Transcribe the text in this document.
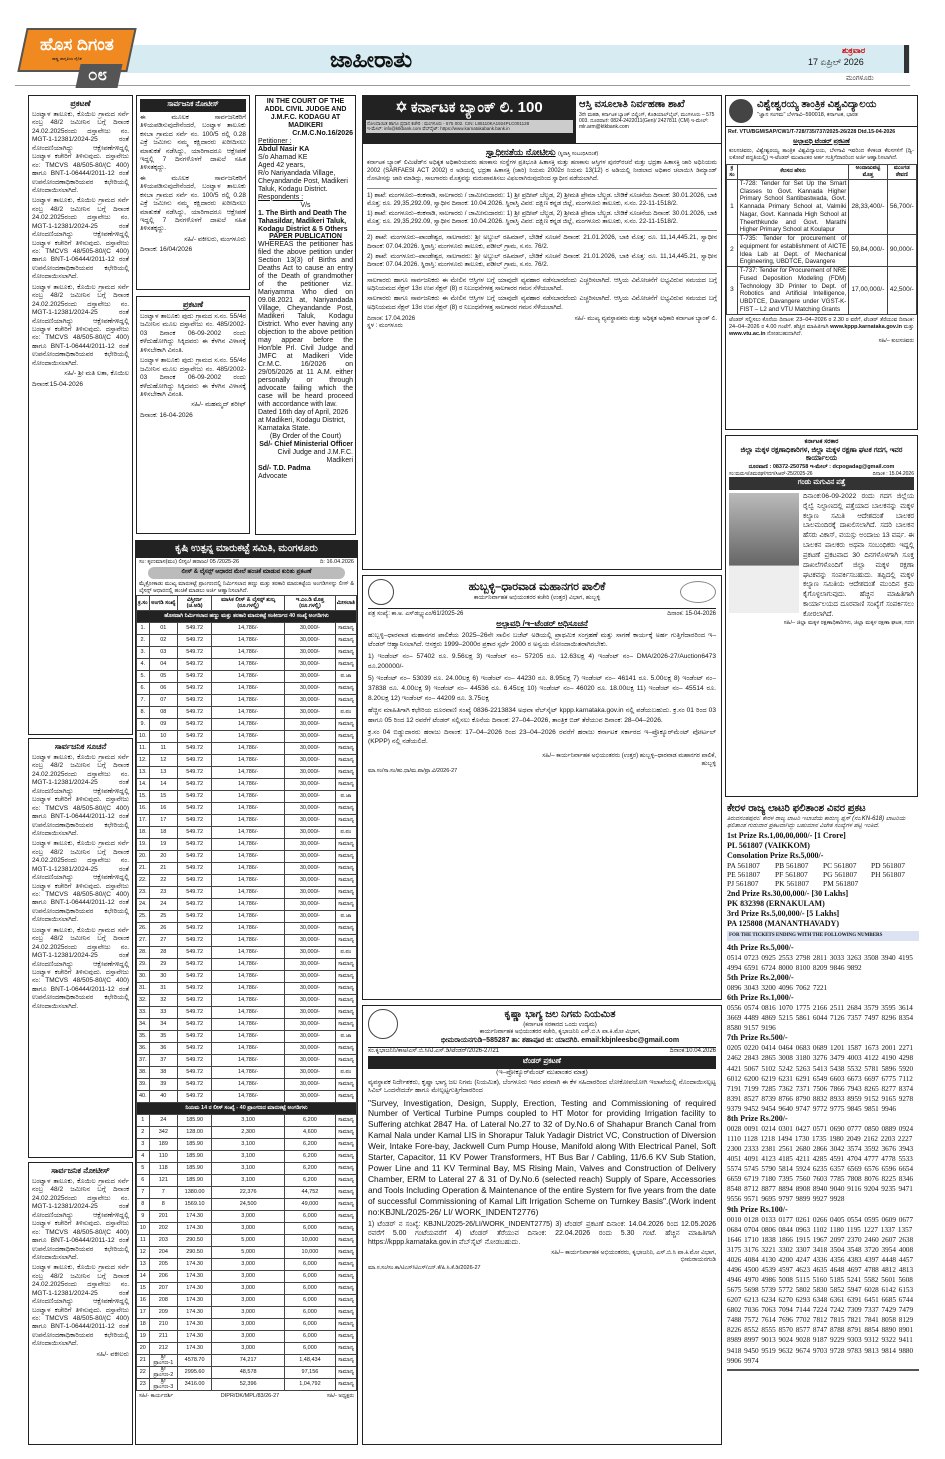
ಹೊಸ ದಿಗಂತ
ರಾಷ್ಟ್ರ ಜಾಗೃತಿಯ ದೈನಿಕ
೦೮
ಜಾಹೀರಾತು	ಶುಕ್ರವಾರ
17 ಏಪ್ರಿಲ್ 2026
ಮಂಗಳೂರು
ಪ್ರಕಟಣೆ
ಬಂಟ್ವಾಳ ತಾಲೂಕು, ಕೊಯಿಲ ಗ್ರಾಮದ ಸರ್ವೆ ನಂಬ್ರ 48/2 ಜಮೀನಿನ ಬಗ್ಗೆ ದಿನಾಂಕ 24.02.2025ರಂದು ದಸ್ತಾವೇಜು ನಂ. MGT-1-12381/2024-25 ರಂತೆ ನೋಂದಣಿಯಾಗಿದ್ದು ಆಕ್ಷೇಪಣೆಗಳಿದ್ದಲ್ಲಿ ಬಂಟ್ವಾಳ ಕಚೇರಿಗೆ ತಿಳಿಸುವುದು. ದಸ್ತಾವೇಜು ನಂ: TMCVS 48/505-80/(C 400) ಹಾಗೂ BNT-1-06444/2011-12 ರಂತೆ ಉಪನೋಂದಣಾಧಿಕಾರಿಯವರ ಕಛೇರಿಯಲ್ಲಿ ನೋಂದಾಯಿಸಲಾಗಿದೆ.
ಬಂಟ್ವಾಳ ತಾಲೂಕು, ಕೊಯಿಲ ಗ್ರಾಮದ ಸರ್ವೆ ನಂಬ್ರ 48/2 ಜಮೀನಿನ ಬಗ್ಗೆ ದಿನಾಂಕ 24.02.2025ರಂದು ದಸ್ತಾವೇಜು ನಂ. MGT-1-12381/2024-25 ರಂತೆ ನೋಂದಣಿಯಾಗಿದ್ದು ಆಕ್ಷೇಪಣೆಗಳಿದ್ದಲ್ಲಿ ಬಂಟ್ವಾಳ ಕಚೇರಿಗೆ ತಿಳಿಸುವುದು. ದಸ್ತಾವೇಜು ನಂ: TMCVS 48/505-80/(C 400) ಹಾಗೂ BNT-1-06444/2011-12 ರಂತೆ ಉಪನೋಂದಣಾಧಿಕಾರಿಯವರ ಕಛೇರಿಯಲ್ಲಿ ನೋಂದಾಯಿಸಲಾಗಿದೆ.
ಬಂಟ್ವಾಳ ತಾಲೂಕು, ಕೊಯಿಲ ಗ್ರಾಮದ ಸರ್ವೆ ನಂಬ್ರ 48/2 ಜಮೀನಿನ ಬಗ್ಗೆ ದಿನಾಂಕ 24.02.2025ರಂದು ದಸ್ತಾವೇಜು ನಂ. MGT-1-12381/2024-25 ರಂತೆ ನೋಂದಣಿಯಾಗಿದ್ದು ಆಕ್ಷೇಪಣೆಗಳಿದ್ದಲ್ಲಿ ಬಂಟ್ವಾಳ ಕಚೇರಿಗೆ ತಿಳಿಸುವುದು. ದಸ್ತಾವೇಜು ನಂ: TMCVS 48/505-80/(C 400) ಹಾಗೂ BNT-1-06444/2011-12 ರಂತೆ ಉಪನೋಂದಣಾಧಿಕಾರಿಯವರ ಕಛೇರಿಯಲ್ಲಿ ನೋಂದಾಯಿಸಲಾಗಿದೆ.
ಸಹಿ/- ಶ್ರೀ ಮತಿ ಲತಾ, ಕೊಯಿಲ
ದಿನಾಂಕ:15-04-2026
ಸಾರ್ವಜನಿಕ ಸೂಚನೆ
ಬಂಟ್ವಾಳ ತಾಲೂಕು, ಕೊಯಿಲ ಗ್ರಾಮದ ಸರ್ವೆ ನಂಬ್ರ 48/2 ಜಮೀನಿನ ಬಗ್ಗೆ ದಿನಾಂಕ 24.02.2025ರಂದು ದಸ್ತಾವೇಜು ನಂ. MGT-1-12381/2024-25 ರಂತೆ ನೋಂದಣಿಯಾಗಿದ್ದು ಆಕ್ಷೇಪಣೆಗಳಿದ್ದಲ್ಲಿ ಬಂಟ್ವಾಳ ಕಚೇರಿಗೆ ತಿಳಿಸುವುದು. ದಸ್ತಾವೇಜು ನಂ: TMCVS 48/505-80/(C 400) ಹಾಗೂ BNT-1-06444/2011-12 ರಂತೆ ಉಪನೋಂದಣಾಧಿಕಾರಿಯವರ ಕಛೇರಿಯಲ್ಲಿ ನೋಂದಾಯಿಸಲಾಗಿದೆ.
ಬಂಟ್ವಾಳ ತಾಲೂಕು, ಕೊಯಿಲ ಗ್ರಾಮದ ಸರ್ವೆ ನಂಬ್ರ 48/2 ಜಮೀನಿನ ಬಗ್ಗೆ ದಿನಾಂಕ 24.02.2025ರಂದು ದಸ್ತಾವೇಜು ನಂ. MGT-1-12381/2024-25 ರಂತೆ ನೋಂದಣಿಯಾಗಿದ್ದು ಆಕ್ಷೇಪಣೆಗಳಿದ್ದಲ್ಲಿ ಬಂಟ್ವಾಳ ಕಚೇರಿಗೆ ತಿಳಿಸುವುದು. ದಸ್ತಾವೇಜು ನಂ: TMCVS 48/505-80/(C 400) ಹಾಗೂ BNT-1-06444/2011-12 ರಂತೆ ಉಪನೋಂದಣಾಧಿಕಾರಿಯವರ ಕಛೇರಿಯಲ್ಲಿ ನೋಂದಾಯಿಸಲಾಗಿದೆ.
ಬಂಟ್ವಾಳ ತಾಲೂಕು, ಕೊಯಿಲ ಗ್ರಾಮದ ಸರ್ವೆ ನಂಬ್ರ 48/2 ಜಮೀನಿನ ಬಗ್ಗೆ ದಿನಾಂಕ 24.02.2025ರಂದು ದಸ್ತಾವೇಜು ನಂ. MGT-1-12381/2024-25 ರಂತೆ ನೋಂದಣಿಯಾಗಿದ್ದು ಆಕ್ಷೇಪಣೆಗಳಿದ್ದಲ್ಲಿ ಬಂಟ್ವಾಳ ಕಚೇರಿಗೆ ತಿಳಿಸುವುದು. ದಸ್ತಾವೇಜು ನಂ: TMCVS 48/505-80/(C 400) ಹಾಗೂ BNT-1-06444/2011-12 ರಂತೆ ಉಪನೋಂದಣಾಧಿಕಾರಿಯವರ ಕಛೇರಿಯಲ್ಲಿ ನೋಂದಾಯಿಸಲಾಗಿದೆ.
ಸಾರ್ವಜನಿಕ ನೋಟೀಸ್
ಬಂಟ್ವಾಳ ತಾಲೂಕು, ಕೊಯಿಲ ಗ್ರಾಮದ ಸರ್ವೆ ನಂಬ್ರ 48/2 ಜಮೀನಿನ ಬಗ್ಗೆ ದಿನಾಂಕ 24.02.2025ರಂದು ದಸ್ತಾವೇಜು ನಂ. MGT-1-12381/2024-25 ರಂತೆ ನೋಂದಣಿಯಾಗಿದ್ದು ಆಕ್ಷೇಪಣೆಗಳಿದ್ದಲ್ಲಿ ಬಂಟ್ವಾಳ ಕಚೇರಿಗೆ ತಿಳಿಸುವುದು. ದಸ್ತಾವೇಜು ನಂ: TMCVS 48/505-80/(C 400) ಹಾಗೂ BNT-1-06444/2011-12 ರಂತೆ ಉಪನೋಂದಣಾಧಿಕಾರಿಯವರ ಕಛೇರಿಯಲ್ಲಿ ನೋಂದಾಯಿಸಲಾಗಿದೆ.
ಬಂಟ್ವಾಳ ತಾಲೂಕು, ಕೊಯಿಲ ಗ್ರಾಮದ ಸರ್ವೆ ನಂಬ್ರ 48/2 ಜಮೀನಿನ ಬಗ್ಗೆ ದಿನಾಂಕ 24.02.2025ರಂದು ದಸ್ತಾವೇಜು ನಂ. MGT-1-12381/2024-25 ರಂತೆ ನೋಂದಣಿಯಾಗಿದ್ದು ಆಕ್ಷೇಪಣೆಗಳಿದ್ದಲ್ಲಿ ಬಂಟ್ವಾಳ ಕಚೇರಿಗೆ ತಿಳಿಸುವುದು. ದಸ್ತಾವೇಜು ನಂ: TMCVS 48/505-80/(C 400) ಹಾಗೂ BNT-1-06444/2011-12 ರಂತೆ ಉಪನೋಂದಣಾಧಿಕಾರಿಯವರ ಕಛೇರಿಯಲ್ಲಿ ನೋಂದಾಯಿಸಲಾಗಿದೆ.
ಸಹಿ/- ವಕೀಲರು
ಸಾರ್ವಜನಿಕ ನೋಟೀಸ್
ಈ ಮೂಲಕ ಸಾರ್ವಜನಿಕರಿಗೆ ತಿಳಿಯಪಡಿಸುವುದೇನೆಂದರೆ, ಬಂಟ್ವಾಳ ತಾಲೂಕು ಕಸಬಾ ಗ್ರಾಮದ ಸರ್ವೆ ನಂ. 100/5 ರಲ್ಲಿ 0.28 ಎಕ್ರೆ ಜಮೀನು ನಮ್ಮ ಕಕ್ಷಿದಾರರು ಖರೀದಿಸಲು ಮಾತುಕತೆ ನಡೆಸಿದ್ದು, ಯಾರಿಗಾದರೂ ಆಕ್ಷೇಪಣೆ ಇದ್ದಲ್ಲಿ 7 ದಿನಗಳೊಳಗೆ ದಾಖಲೆ ಸಹಿತ ತಿಳಿಸತಕ್ಕದ್ದು.
ಈ ಮೂಲಕ ಸಾರ್ವಜನಿಕರಿಗೆ ತಿಳಿಯಪಡಿಸುವುದೇನೆಂದರೆ, ಬಂಟ್ವಾಳ ತಾಲೂಕು ಕಸಬಾ ಗ್ರಾಮದ ಸರ್ವೆ ನಂ. 100/5 ರಲ್ಲಿ 0.28 ಎಕ್ರೆ ಜಮೀನು ನಮ್ಮ ಕಕ್ಷಿದಾರರು ಖರೀದಿಸಲು ಮಾತುಕತೆ ನಡೆಸಿದ್ದು, ಯಾರಿಗಾದರೂ ಆಕ್ಷೇಪಣೆ ಇದ್ದಲ್ಲಿ 7 ದಿನಗಳೊಳಗೆ ದಾಖಲೆ ಸಹಿತ ತಿಳಿಸತಕ್ಕದ್ದು.
ಸಹಿ/- ವಕೀಲರು, ಮಂಗಳೂರು
ದಿನಾಂಕ: 16/04/2026
ಪ್ರಕಟಣೆ
ಬಂಟ್ವಾಳ ತಾಲೂಕು ಪುದು ಗ್ರಾಮದ ಸ.ನಂ. 55/4ರ ಜಮೀನಿನ ಮೂಲ ದಸ್ತಾವೇಜು ನಂ. 485/2002-03 ದಿನಾಂಕ 06-09-2002 ರಂದು ಕಳೆದುಹೋಗಿದ್ದು ಸಿಕ್ಕಿದವರು ಈ ಕೆಳಗಿನ ವಿಳಾಸಕ್ಕೆ ತಿಳಿಸಬೇಕಾಗಿ ವಿನಂತಿ.
ಬಂಟ್ವಾಳ ತಾಲೂಕು ಪುದು ಗ್ರಾಮದ ಸ.ನಂ. 55/4ರ ಜಮೀನಿನ ಮೂಲ ದಸ್ತಾವೇಜು ನಂ. 485/2002-03 ದಿನಾಂಕ 06-09-2002 ರಂದು ಕಳೆದುಹೋಗಿದ್ದು ಸಿಕ್ಕಿದವರು ಈ ಕೆಳಗಿನ ವಿಳಾಸಕ್ಕೆ ತಿಳಿಸಬೇಕಾಗಿ ವಿನಂತಿ.
ಸಹಿ/- ಮಹಮ್ಮದ್ ಶರೀಫ್
ದಿನಾಂಕ: 16-04-2026
IN THE COURT OF THE ADDL CIVIL JUDGE AND J.M.F.C. KODAGU AT MADIKERI
Cr.M.C.No.16/2026
Petitioner :
Abdul Nasir KA
S/o Ahamad KE
Aged 42 years,
R/o Nariyandada Village, Cheyandande Post, Madikeri Taluk, Kodagu District.
Respondents :
V/s
1. The Birth and Death The Tahasildar, Madikeri Taluk, Kodagu District & 5 Others
PAPER PUBLICATION
WHEREAS the petitioner has filed the above petition under Section 13(3) of Births and Deaths Act to cause an entry of the Death of grandmother of the petitioner viz. Mariyamma Who died on 09.08.2021 at, Nariyandada Village, Cheyandande Post, Madikeri Taluk, Kodagu District. Who ever having any objection to the above petition may appear before the Hon'ble Prl. Civil Judge and JMFC at Madikeri Vide Cr.M.C. 16/2026 on 29/05/2026 at 11 A.M. either personally or through advocate failing which the case will be heard proceed with accordance with law.
Dated 16th day of April, 2026 at Madikeri, Kodagu District, Karnataka State.
(By Order of the Court)
Sd/- Chief Ministerial Officer
Civil Judge and J.M.F.C. Madikeri
Sd/- T.D. Padma
Advocate
ಕೃಷಿ ಉತ್ಪನ್ನ ಮಾರುಕಟ್ಟೆ ಸಮಿತಿ, ಮಂಗಳೂರು
ಸಂ: ಕೃಉಮಾಸ(ಮಂ) ಲೀಸ್ಸಂ/ ಹರಾಜು/ 05 /2025-26	ದಿ: 16.04.2026
ಲೀಸ್ & ಲೈಸನ್ಸ್ ಆಧಾರದ ಮೇಲೆ ಹಂಚಿಕೆ ಮಾಡುವ ಕುರಿತು ಪ್ರಕಟಣೆ
ಮೈಕ್ರೋಕಾಡು ಮುಖ್ಯ ಮಾರುಕಟ್ಟೆ ಪ್ರಾಂಗಣದಲ್ಲಿ ನಿರ್ಮಿಸಲಾದ ಹಣ್ಣು ಮತ್ತು ತರಕಾರಿ ಮಾರುಕಟ್ಟೆಯ ಅಂಗಡಿಗಳನ್ನು ಲೀಸ್ & ಲೈಸನ್ಸ್ ಆಧಾರದಲ್ಲಿ ಹಂಚಿಕೆ ಮಾಡಲು ಅರ್ಜಿ ಆಹ್ವಾನಿಸಲಾಗಿದೆ.
ಕ್ರ.ಸಂ	ಅಂಗಡಿ ಸಂಖ್ಯೆ	ವಿಸ್ತೀರ್ಣ (ಚ.ಅಡಿ)	ಮಾಸಿಕ ಲೀಸ್ & ಲೈಸನ್ಸ್ ಶುಲ್ಕ (ರೂ.ಗಳಲ್ಲಿ)	ಇ.ಎಂ.ಡಿ ಮೊತ್ತ (ರೂ.ಗಳಲ್ಲಿ)	ಮೀಸಲಾತಿ
ಹೊಸದಾಗಿ ನಿರ್ಮಿಸಲಾದ ಹಣ್ಣು ಮತ್ತು ತರಕಾರಿ ಮಾರುಕಟ್ಟೆ ಸಂಕೀರ್ಣದ 40 ಸಂಖ್ಯೆ ಅಂಗಡಿಗಳು					
1.	01	549.72	14,786/-	30,000/-	ಸಾಮಾನ್ಯ
2.	02	549.72	14,786/-	30,000/-	ಸಾಮಾನ್ಯ
3.	03	549.72	14,786/-	30,000/-	ಸಾಮಾನ್ಯ
4.	04	549.72	14,786/-	30,000/-	ಸಾಮಾನ್ಯ
5.	05	549.72	14,786/-	30,000/-	ಪ.ಜಾ
6.	06	549.72	14,786/-	30,000/-	ಸಾಮಾನ್ಯ
7.	07	549.72	14,786/-	30,000/-	ಸಾಮಾನ್ಯ
8.	08	549.72	14,786/-	30,000/-	ಪ.ಪಂ
9.	09	549.72	14,786/-	30,000/-	ಸಾಮಾನ್ಯ
10.	10	549.72	14,786/-	30,000/-	ಸಾಮಾನ್ಯ
11.	11	549.72	14,786/-	30,000/-	ಸಾಮಾನ್ಯ
12.	12	549.72	14,786/-	30,000/-	ಸಾಮಾನ್ಯ
13.	13	549.72	14,786/-	30,000/-	ಸಾಮಾನ್ಯ
14.	14	549.72	14,786/-	30,000/-	ಸಾಮಾನ್ಯ
15.	15	549.72	14,786/-	30,000/-	ಪ.ಜಾ
16.	16	549.72	14,786/-	30,000/-	ಸಾಮಾನ್ಯ
17.	17	549.72	14,786/-	30,000/-	ಸಾಮಾನ್ಯ
18.	18	549.72	14,786/-	30,000/-	ಪ.ಪಂ
19.	19	549.72	14,786/-	30,000/-	ಸಾಮಾನ್ಯ
20.	20	549.72	14,786/-	30,000/-	ಸಾಮಾನ್ಯ
21.	21	549.72	14,786/-	30,000/-	ಸಾಮಾನ್ಯ
22.	22	549.72	14,786/-	30,000/-	ಸಾಮಾನ್ಯ
23.	23	549.72	14,786/-	30,000/-	ಸಾಮಾನ್ಯ
24.	24	549.72	14,786/-	30,000/-	ಸಾಮಾನ್ಯ
25.	25	549.72	14,786/-	30,000/-	ಪ.ಜಾ
26.	26	549.72	14,786/-	30,000/-	ಸಾಮಾನ್ಯ
27.	27	549.72	14,786/-	30,000/-	ಸಾಮಾನ್ಯ
28.	28	549.72	14,786/-	30,000/-	ಪ.ಪಂ
29.	29	549.72	14,786/-	30,000/-	ಸಾಮಾನ್ಯ
30.	30	549.72	14,786/-	30,000/-	ಸಾಮಾನ್ಯ
31.	31	549.72	14,786/-	30,000/-	ಸಾಮಾನ್ಯ
32.	32	549.72	14,786/-	30,000/-	ಸಾಮಾನ್ಯ
33.	33	549.72	14,786/-	30,000/-	ಸಾಮಾನ್ಯ
34.	34	549.72	14,786/-	30,000/-	ಸಾಮಾನ್ಯ
35.	35	549.72	14,786/-	30,000/-	ಪ.ಜಾ
36.	36	549.72	14,786/-	30,000/-	ಸಾಮಾನ್ಯ
37.	37	549.72	14,786/-	30,000/-	ಸಾಮಾನ್ಯ
38.	38	549.72	14,786/-	30,000/-	ಪ.ಪಂ
39.	39	549.72	14,786/-	30,000/-	ಸಾಮಾನ್ಯ
40.	40	549.72	14,786/-	30,000/-	ಸಾಮಾನ್ಯ
ನಿಯಮ 14 ರ ಲೀಸ್ ಸಂಖ್ಯೆ - 40 ಪ್ರಾಂಗಣದ ಮಾರುಕಟ್ಟೆ ಅಂಗಡಿಗಳು					
1	24	185.90	3,100	6,200	ಸಾಮಾನ್ಯ
2	342	128.00	2,300	4,600	ಸಾಮಾನ್ಯ
3	189	185.90	3,100	6,200	ಸಾಮಾನ್ಯ
4	110	185.90	3,100	6,200	ಸಾಮಾನ್ಯ
5	118	185.90	3,100	6,200	ಸಾಮಾನ್ಯ
6	121	185.90	3,100	6,200	ಸಾಮಾನ್ಯ
7	7	1380.00	22,376	44,752	ಸಾಮಾನ್ಯ
8	8	1569.10	24,500	49,000	ಸಾಮಾನ್ಯ
9	201	174.30	3,000	6,000	ಸಾಮಾನ್ಯ
10	202	174.30	3,000	6,000	ಸಾಮಾನ್ಯ
11	203	290.50	5,000	10,000	ಸಾಮಾನ್ಯ
12	204	290.50	5,000	10,000	ಸಾಮಾನ್ಯ
13	205	174.30	3,000	6,000	ಸಾಮಾನ್ಯ
14	206	174.30	3,000	6,000	ಸಾಮಾನ್ಯ
15	207	174.30	3,000	6,000	ಸಾಮಾನ್ಯ
16	208	174.30	3,000	6,000	ಸಾಮಾನ್ಯ
17	209	174.30	3,000	6,000	ಸಾಮಾನ್ಯ
18	210	174.30	3,000	6,000	ಸಾಮಾನ್ಯ
19	211	174.30	3,000	6,000	ಸಾಮಾನ್ಯ
20	212	174.30	3,000	6,000	ಸಾಮಾನ್ಯ
21	ಶ್ರೀ ಪ್ರಾಂಗಣ-1	4578.70	74,217	1,48,434	ಸಾಮಾನ್ಯ
22	ಶ್ರೀ ಪ್ರಾಂಗಣ-2	2995.60	48,578	97,156	ಸಾಮಾನ್ಯ
23	ಶ್ರೀ ಪ್ರಾಂಗಣ-3	3416.00	52,396	1,04,792	ಸಾಮಾನ್ಯ
ಸಹಿ/- ಕಾರ್ಯದರ್ಶಿ	DIPR/DK/MPL/83/26-27	ಸಹಿ/- ಅಧ್ಯಕ್ಷರು
✡ ಕರ್ನಾಟಕ ಬ್ಯಾಂಕ್ ಲಿ. 100
ನೋಂದಾಯಿತ ಹಾಗೂ ಪ್ರಧಾನ ಕಚೇರಿ : ಮಂಗಳೂರು - 575 002. CIN: L85110KA1924PLC001128
ಇ-ಮೇಲ್: info@ktkbank.com ವೆಬ್‌ಸೈಟ್: https://www.karnatakabank.bank.in
ಆಸ್ತಿ ವಸೂಲಾತಿ ನಿರ್ವಹಣಾ ಶಾಖೆ
3ನೇ ಮಹಡಿ, ಕರ್ನಾಟಕ ಬ್ಯಾಂಕ್ ಬಿಲ್ಡಿಂಗ್, ಕೊಡಿಯಾಲ್‌ಬೈಲ್, ಮಂಗಳೂರು – 575 003. ದೂರವಾಣಿ: 0824-2422011(Gen)/ 2427811 (CM) ಇ-ಮೇಲ್: mlr.arm@ktkbank.com
ಸ್ವಾಧೀನತೆಯ ನೋಟೀಸು (ಸ್ಥಿರಾಸ್ತಿ ಸಂಬಂಧಿಸಿದಂತೆ)
ಕರ್ನಾಟಕ ಬ್ಯಾಂಕ್ ಲಿಮಿಟೆಡ್‌ನ ಅಧಿಕೃತ ಅಧಿಕಾರಿಯವರು ಹಣಕಾಸು ಸಂಸ್ಥೆಗಳ ಪ್ರತಿಭೂತಿ ಹಿತಾಸಕ್ತಿ ಮತ್ತು ಹಣಕಾಸು ಆಸ್ತಿಗಳ ಪುನರ್‌ರಚನೆ ಮತ್ತು ಭದ್ರತಾ ಹಿತಾಸಕ್ತಿ ಜಾರಿ ಅಧಿನಿಯಮ 2002 (SARFAESI ACT 2002) ರ ಅಡಿಯಲ್ಲಿ ಭದ್ರತಾ ಹಿತಾಸಕ್ತಿ (ಜಾರಿ) ನಿಯಮ 2002ರ ನಿಯಮ 13(12) ರ ಅಡಿಯಲ್ಲಿ ನೀಡಲಾದ ಅಧಿಕಾರ ಚಲಾಯಿಸಿ ಡಿಮ್ಯಾಂಡ್ ನೋಟೀಸನ್ನು ಜಾರಿ ಮಾಡಿದ್ದು, ಸಾಲಗಾರರು ಮೊತ್ತವನ್ನು ಮರುಪಾವತಿಸಲು ವಿಫಲರಾಗಿರುವುದರಿಂದ ಸ್ವಾಧೀನ ಪಡೆಯಲಾಗಿದೆ.
1) ಶಾಖೆ: ಮಂಗಳೂರು–ಕಂಕನಾಡಿ, ಸಾಲಗಾರರು / ಜಾಮೀನುದಾರರು: 1) ಶ್ರೀ ಪ್ರದೀಪ್ ಬೆಲ್ಚಡ, 2) ಶ್ರೀಮತಿ ಪ್ರೇಮಾ ಬೆಲ್ಚಡ. ಬೇಡಿಕೆ ಸೂಚನೆಯ ದಿನಾಂಕ: 30.01.2026, ಬಾಕಿ ಮೊತ್ತ: ರೂ. 29,35,292.09, ಸ್ವಾಧೀನ ದಿನಾಂಕ: 10.04.2026. ಸ್ಥಿರಾಸ್ತಿ ವಿವರ: ದಕ್ಷಿಣ ಕನ್ನಡ ಜಿಲ್ಲೆ, ಮಂಗಳೂರು ತಾಲೂಕು, ಸ.ನಂ. 22-11-1518/2.
1) ಶಾಖೆ: ಮಂಗಳೂರು–ಕಂಕನಾಡಿ, ಸಾಲಗಾರರು / ಜಾಮೀನುದಾರರು: 1) ಶ್ರೀ ಪ್ರದೀಪ್ ಬೆಲ್ಚಡ, 2) ಶ್ರೀಮತಿ ಪ್ರೇಮಾ ಬೆಲ್ಚಡ. ಬೇಡಿಕೆ ಸೂಚನೆಯ ದಿನಾಂಕ: 30.01.2026, ಬಾಕಿ ಮೊತ್ತ: ರೂ. 29,35,292.09, ಸ್ವಾಧೀನ ದಿನಾಂಕ: 10.04.2026. ಸ್ಥಿರಾಸ್ತಿ ವಿವರ: ದಕ್ಷಿಣ ಕನ್ನಡ ಜಿಲ್ಲೆ, ಮಂಗಳೂರು ತಾಲೂಕು, ಸ.ನಂ. 22-11-1518/2.
2) ಶಾಖೆ: ಮಂಗಳೂರು–ಪಾಂಡೇಶ್ವರ, ಸಾಲಗಾರರು: ಶ್ರೀ ಅಬ್ದುಲ್ ರಹಿಮಾನ್, ಬೇಡಿಕೆ ಸೂಚನೆ ದಿನಾಂಕ: 21.01.2026, ಬಾಕಿ ಮೊತ್ತ: ರೂ. 11,14,445.21, ಸ್ವಾಧೀನ ದಿನಾಂಕ: 07.04.2026. ಸ್ಥಿರಾಸ್ತಿ: ಮಂಗಳೂರು ತಾಲೂಕು, ಪಡೀಲ್ ಗ್ರಾಮ, ಸ.ನಂ. 76/2.
2) ಶಾಖೆ: ಮಂಗಳೂರು–ಪಾಂಡೇಶ್ವರ, ಸಾಲಗಾರರು: ಶ್ರೀ ಅಬ್ದುಲ್ ರಹಿಮಾನ್, ಬೇಡಿಕೆ ಸೂಚನೆ ದಿನಾಂಕ: 21.01.2026, ಬಾಕಿ ಮೊತ್ತ: ರೂ. 11,14,445.21, ಸ್ವಾಧೀನ ದಿನಾಂಕ: 07.04.2026. ಸ್ಥಿರಾಸ್ತಿ: ಮಂಗಳೂರು ತಾಲೂಕು, ಪಡೀಲ್ ಗ್ರಾಮ, ಸ.ನಂ. 76/2.
ಸಾಲಗಾರರು ಹಾಗೂ ಸಾರ್ವಜನಿಕರು ಈ ಮೇಲಿನ ಆಸ್ತಿಗಳ ಬಗ್ಗೆ ಯಾವುದೇ ವ್ಯವಹಾರ ನಡೆಸಬಾರದೆಂದು ಎಚ್ಚರಿಸಲಾಗಿದೆ. ಆಸ್ತಿಯ ವಿಮೋಚನೆಗೆ ಲಭ್ಯವಿರುವ ಸಮಯದ ಬಗ್ಗೆ ಅಧಿನಿಯಮದ ಸೆಕ್ಷನ್ 13ರ ಉಪ ಸೆಕ್ಷನ್ (8) ರ ನಿಬಂಧನೆಗಳತ್ತ ಸಾಲಗಾರರ ಗಮನ ಸೆಳೆಯಲಾಗಿದೆ.
ಸಾಲಗಾರರು ಹಾಗೂ ಸಾರ್ವಜನಿಕರು ಈ ಮೇಲಿನ ಆಸ್ತಿಗಳ ಬಗ್ಗೆ ಯಾವುದೇ ವ್ಯವಹಾರ ನಡೆಸಬಾರದೆಂದು ಎಚ್ಚರಿಸಲಾಗಿದೆ. ಆಸ್ತಿಯ ವಿಮೋಚನೆಗೆ ಲಭ್ಯವಿರುವ ಸಮಯದ ಬಗ್ಗೆ ಅಧಿನಿಯಮದ ಸೆಕ್ಷನ್ 13ರ ಉಪ ಸೆಕ್ಷನ್ (8) ರ ನಿಬಂಧನೆಗಳತ್ತ ಸಾಲಗಾರರ ಗಮನ ಸೆಳೆಯಲಾಗಿದೆ.
ದಿನಾಂಕ: 17.04.2026
ಸ್ಥಳ : ಮಂಗಳೂರು
ಸಹಿ/- ಮುಖ್ಯ ವ್ಯವಸ್ಥಾಪಕರು ಮತ್ತು ಅಧಿಕೃತ ಅಧಿಕಾರಿ ಕರ್ನಾಟಕ ಬ್ಯಾಂಕ್ ಲಿ.
ಹುಬ್ಬಳ್ಳಿ–ಧಾರವಾಡ ಮಹಾನಗರ ಪಾಲಿಕೆ
ಕಾರ್ಯನಿರ್ವಾಹಕ ಅಭಿಯಂತರರ ಕಚೇರಿ (ಉತ್ತರ) ವಿಭಾಗ, ಹುಬ್ಬಳ್ಳಿ
ಪತ್ರ ಸಂಖ್ಯೆ: ಕಾ.ಅ. ಎಸ್‌ಡಬ್ಲ್ಯುಎಂ/61/2025-26	ದಿನಾಂಕ: 15-04-2026
ಅಲ್ಪಾವಧಿ /ಇ–ಟೆಂಡರ್ ಅಧಿಸೂಚನೆ
ಹುಬ್ಬಳ್ಳಿ–ಧಾರವಾಡ ಮಹಾನಗರ ಪಾಲಿಕೆಯ 2025–26ನೇ ಸಾಲಿನ ಬಜೆಟ್ ಅಡಿಯಲ್ಲಿ ಪ್ರಾಥಮಿಕ ಸಂಗ್ರಹಣೆ ಮತ್ತು ಸಾಗಣೆ ಕಾರ್ಯಕ್ಕೆ ಅರ್ಹ ಗುತ್ತಿಗೆದಾರರಿಂದ ಇ–ಟೆಂಡರ್ ಆಹ್ವಾನಿಸಲಾಗಿದೆ. ಆಸಕ್ತರು 1999–2000ರ ಪ್ರಕಾರ ಸ್ಪರ್ಧೆ 2000 ರ ಅನ್ವಯ ನೋಂದಾಯಿತರಾಗಿರಬೇಕು.
1) ಇಂಡೆಂಟ್ ನಂ– 57402 ರೂ. 9.56ಲಕ್ಷ 3) ಇಂಡೆಂಟ್ ನಂ– 57205 ರೂ. 12.63ಲಕ್ಷ 4) ಇಂಡೆಂಟ್ ನಂ– DMA/2026-27/Auction6473 ರೂ.200000/-
5) ಇಂಡೆಂಟ್ ನಂ– 53039 ರೂ. 24.00ಲಕ್ಷ 6) ಇಂಡೆಂಟ್ ನಂ– 44230 ರೂ. 8.95ಲಕ್ಷ 7) ಇಂಡೆಂಟ್ ನಂ– 46141 ರೂ. 5.00ಲಕ್ಷ 8) ಇಂಡೆಂಟ್ ನಂ– 37838 ರೂ. 4.00ಲಕ್ಷ 9) ಇಂಡೆಂಟ್ ನಂ– 44536 ರೂ. 6.45ಲಕ್ಷ 10) ಇಂಡೆಂಟ್ ನಂ– 46020 ರೂ. 18.00ಲಕ್ಷ 11) ಇಂಡೆಂಟ್ ನಂ– 45514 ರೂ. 8.20ಲಕ್ಷ 12) ಇಂಡೆಂಟ್ ನಂ– 44209 ರೂ. 3.75ಲಕ್ಷ
ಹೆಚ್ಚಿನ ಮಾಹಿತಿಗಾಗಿ ಕಛೇರಿಯ ದೂರವಾಣಿ ಸಂಖ್ಯೆ 0836-2213834 ಅಥವಾ ವೆಬ್‌ಸೈಟ್ kppp.karnataka.gov.in ನಲ್ಲಿ ಪಡೆಯಬಹುದು. ಕ್ರ.ಸಂ 01 ರಿಂದ 03 ಹಾಗೂ 05 ರಿಂದ 12 ರವರೆಗೆ ಟೆಂಡರ್ ಸಲ್ಲಿಸಲು ಕೊನೆಯ ದಿನಾಂಕ: 27–04–2026, ತಾಂತ್ರಿಕ ಬಿಡ್ ತೆರೆಯುವ ದಿನಾಂಕ: 28–04–2026.
ಕ್ರ.ಸಂ 04 ಬಿಡ್ಡುದಾರರು ಹರಾಜು ದಿನಾಂಕ: 17–04–2026 ರಿಂದ 23–04–2026 ರವರೆಗೆ ಹರಾಜು ಕರ್ನಾಟಕ ಸರ್ಕಾರದ ಇ–ಪ್ರೊಕ್ಯೂರ್‌ಮೆಂಟ್ ಪೋರ್ಟಲ್ (KPPP) ನಲ್ಲಿ ನಡೆಯಲಿದೆ.
ಸಹಿ/– ಕಾರ್ಯನಿರ್ವಾಹಕ ಅಭಿಯಂತರರು (ಉತ್ತರ) ಹುಬ್ಬಳ್ಳಿ–ಧಾರವಾಡ ಮಹಾನಗರ ಪಾಲಿಕೆ, ಹುಬ್ಬಳ್ಳಿ
ಮಾ.ಸಂ/ಸಾ.ಸಂ/ಹು.ಧಾ/ಮ.ಪಾ/ಪ್ರಾ.ವಿ/2026-27
ಕೃಷ್ಣಾ ಭಾಗ್ಯ ಜಲ ನಿಗಮ ನಿಯಮಿತ
(ಕರ್ನಾಟಕ ಸರಕಾರದ ಒಂದು ಉದ್ಯಮ)
ಕಾರ್ಯನಿರ್ವಾಹಕ ಅಭಿಯಂತರರ ಕಚೇರಿ, ಕೃಭಾಜನಿನಿ ಎಸ್.ಬಿ.ಸಿ ಪಾ.ಕಿ.ಮೋ ವಿಭಾಗ,
ಭೀಮರಾಯನಗುಡಿ–585287 ತಾ: ಶಹಾಪೂರ ಜಿ: ಯಾದಗಿರಿ. email:kbjnleesbc@gmail.com
ಸಂ.ಕೃಭಾಜನಿನಿ/ಕಾಅ/ಎಸ್.ಬಿ.ಸಿ/ಟಿ.ಎಸ್.ಡಿ/ಟೆಂಡರ್/2026-27/21	ದಿನಾಂಕ:10.04.2026
ಟೆಂಡರ್ ಪ್ರಕಟಣೆ
(ಇ–ಪ್ರೋಕ್ಯೂರ್‌ಮೆಂಟ್ ಮುಖಾಂತರ ಮಾತ್ರ)
ವ್ಯವಸ್ಥಾಪಕ ನಿರ್ದೇಶಕರು, ಕೃಷ್ಣಾ ಭಾಗ್ಯ ಜಲ ನಿಗಮ (ನಿಯಮಿತ), ಬೆಂಗಳೂರು ಇವರ ಪರವಾಗಿ ಈ ಕೆಳ ಸಹಿದಾರರಿಂದ ಲೋಕೋಪಯೋಗಿ ಇಲಾಖೆಯಲ್ಲಿ ನೊಂದಾಯಿಸಲ್ಪಟ್ಟ ಸಿವಿಲ್ ಒಂದನೇದರ್ಜೆ ಹಾಗೂ ಮೇಲ್ಪಟ್ಟಗುತ್ತಿಗೆದಾರರಿಂದ
"Survey, Investigation, Design, Supply, Erection, Testing and Commissioning of required Number of Vertical Turbine Pumps coupled to HT Motor for providing Irrigation facility to Suffering atchkat 2847 Ha. of Lateral No.27 to 32 of Dy.No.6 of Shahapur Branch Canal from Kamal Nala under Kamal LIS in Shorapur Taluk Yadagir District VC, Construction of Diversion Weir, Intake Fore-bay, Jackwell Cum Pump House, Manifold along With Electrical Panel, Soft Starter, Capacitor, 11 KV Power Transformers, HT Bus Bar / Cabling, 11/6.6 KV Sub Station, Power Line and 11 KV Terminal Bay, MS Rising Main, Valves and Construction of Delivery Chamber, ERM to Lateral 27 & 31 of Dy.No.6 (selected reach) Supply of Spare, Accessories and Tools Including Operation & Maintenance of the entire System for five years from the date of successful Commissioning of Kamal Lift Irrigation Scheme on Turnkey Basis".(Work indent no:KBJNL/2025-26/ LI/ WORK_INDENT2776)
1) ಟೆಂಡರ್ ನ ಸಂಖ್ಯೆ: KBJNL/2025-26/LI/WORK_INDENT2775) 3) ಟೆಂಡರ್ ಪ್ರಕಟಣೆ ದಿನಾಂಕ: 14.04.2026 ರಿಂದ 12.05.2026 ರವರೆಗೆ 5.00 ಗಂಟೆಯವರೆಗೆ 4) ಟೆಂಡರ್ ತೆರೆಯುವ ದಿನಾಂಕ: 22.04.2026 ರಂದು 5.30 ಗಂಟೆ. ಹೆಚ್ಚಿನ ಮಾಹಿತಿಗಾಗಿ https://kppp.karnataka.gov.in ವೆಬ್‌ಸೈಟ್ ನೋಡಬಹುದು.
ಸಹಿ/– ಕಾರ್ಯನಿರ್ವಾಹಕ ಅಭಿಯಂತರರು, ಕೃಭಾಜನಿನಿ, ಎಸ್.ಬಿ.ಸಿ ಪಾ.ಕಿ.ಮೋ ವಿಭಾಗ, ಭೀಮರಾಯನಗುಡಿ
ಮಾ.ಸ.ಸಂ/ಸಂ.ಕಾ/ಟಿಎಸ್/ಟಿಎಸ್/ಎನ್.ಕೆ/ಪಿ.ಸಿ.ಕೆ.ಡಿ/2026-27
ವಿಶ್ವೇಶ್ವರಯ್ಯ ತಾಂತ್ರಿಕ ವಿಶ್ವವಿದ್ಯಾಲಯ
"ಜ್ಞಾನ ಸಂಗಮ" ಬೆಳಗಾವಿ–590018, ಕರ್ನಾಟಕ, ಭಾರತ
Ref. VTU/BGM/SAP/CW1/T-728/735/737/2025-26/228 Dtd.15-04-2026
ಅಲ್ಪಾವಧಿ ಟೆಂಡರ್ ಪ್ರಕಟಣೆ
ಕುಲಸಚಿವರು, ವಿಶ್ವೇಶ್ವರಯ್ಯ ತಾಂತ್ರಿಕ ವಿಶ್ವವಿದ್ಯಾಲಯ, ಬೆಳಗಾವಿ ಇವರಿಂದ ಕೆಳಕಂಡ ಕೆಲಸಗಳಿಗೆ (ದ್ವಿ-ಲಕೋಟೆ ಪದ್ಧತಿಯಲ್ಲಿ) ಇ-ಟೆಂಡರ್ ಮುಖಾಂತರ ಅರ್ಹ ಗುತ್ತಿಗೆದಾರರಿಂದ ಅರ್ಜಿ ಆಹ್ವಾನಿಸಲಾಗಿದೆ.
ಕ್ರ ಸಂ	ಕೆಲಸದ ಹೆಸರು	ಅಂದಾಜುಪಟ್ಟಿ ಮೊತ್ತ	ಮುಂಗಡ ಠೇವಣಿ
1	T-728: Tender for Set Up the Smart Classes to Govt. Kannada Higher Primary School Santibastwada, Govt. Kannada Primary School at, Valmiki Nagar, Govt. Kannada High School at Theerthkunde and Govt. Marathi Higher Primary School at Koulapur	28,33,400/-	56,700/-
2	T-735: Tender for procurement of equipment for establishment of AICTE Idea Lab at Dept. of Mechanical Engineering, UBDTCE, Davangere	59,84,000/-	90,000/-
3	T-737: Tender for Procurement of NRE Fused Deposition Modeling (FDM) Technology 3D Printer to Dept. of Robotics and Artificial Intelligence, UBDTCE, Davangere under VGST-K-FIST – L2 and VTU Matching Grants	17,00,000/-	42,500/-
ಟೆಂಡರ್ ಸಲ್ಲಿಸಲು ಕೊನೆಯ ದಿನಾಂಕ: 23–04–2026 ರ 2.30 ರ ವರೆಗೆ, ಟೆಂಡರ್ ತೆರೆಯುವ ದಿನಾಂಕ: 24–04–2026 ರ 4.00 ಗಂಟೆಗೆ. ಹೆಚ್ಚಿನ ಮಾಹಿತಿಗಾಗಿ www.kppp.karnataka.gov.in ಮತ್ತು www.vtu.ac.in ನೋಡಬಹುದಾಗಿದೆ.
ಸಹಿ/– ಕುಲಸಚಿವರು
ಕರ್ನಾಟಕ ಸರಕಾರ
ಜಿಲ್ಲಾ ಮಕ್ಕಳ ರಕ್ಷಣಾಧಿಕಾರಿಗಳ, ಜಿಲ್ಲಾ ಮಕ್ಕಳ ರಕ್ಷಣಾ ಘಟಕ ಗದಗ, ಇವರ ಕಾರ್ಯಾಲಯ
ದೂರವಾಣಿ : 08372-250758 ಇ-ಮೇಲ್ : dcpogadag@gmail.com
ಸಂ:ಮಮಇ/ಜಿಮರಘ/ಗದಗ/ಸಿಆರ್-25/2025-26	ದಿನಾಂಕ : 15.04.2026
ಗಂಡು ಮಗುವಿನ ಪತ್ತೆ
ದಿನಾಂಕ:06-09-2022 ರಂದು ಗದಗ ಜಿಲ್ಲೆಯ ರೈಲ್ವೆ ನಿಲ್ದಾಣದಲ್ಲಿ ಪತ್ತೆಯಾದ ಬಾಲಕನನ್ನು ಮಕ್ಕಳ ಕಲ್ಯಾಣ ಸಮಿತಿ ಆದೇಶದಂತೆ ಬಾಲಕರ ಬಾಲಮಂದಿರಕ್ಕೆ ದಾಖಲಿಸಲಾಗಿದೆ. ಸದರಿ ಬಾಲಕನ ಹೆಸರು ವಿಕಾಸ್, ವಯಸ್ಸು ಅಂದಾಜು 13 ವರ್ಷ. ಈ ಬಾಲಕನ ಪಾಲಕರು ಅಥವಾ ಸಂಬಂಧಿಕರು ಇದ್ದಲ್ಲಿ ಪ್ರಕಟಣೆ ಪ್ರಕಟವಾದ 30 ದಿನಗಳೊಳಗಾಗಿ ಸೂಕ್ತ ದಾಖಲೆಗಳೊಂದಿಗೆ ಜಿಲ್ಲಾ ಮಕ್ಕಳ ರಕ್ಷಣಾ ಘಟಕವನ್ನು ಸಂಪರ್ಕಿಸಬಹುದು. ತಪ್ಪಿದಲ್ಲಿ ಮಕ್ಕಳ ಕಲ್ಯಾಣ ಸಮಿತಿಯ ಆದೇಶದಂತೆ ಮುಂದಿನ ಕ್ರಮ ಕೈಗೊಳ್ಳಲಾಗುವುದು. ಹೆಚ್ಚಿನ ಮಾಹಿತಿಗಾಗಿ ಕಾರ್ಯಾಲಯದ ದೂರವಾಣಿ ಸಂಖ್ಯೆಗೆ ಸಂಪರ್ಕಿಸಲು ಕೋರಲಾಗಿದೆ.
ಸಹಿ/– ಜಿಲ್ಲಾ ಮಕ್ಕಳ ರಕ್ಷಣಾಧಿಕಾರಿಗಳು, ಜಿಲ್ಲಾ ಮಕ್ಕಳ ರಕ್ಷಣಾ ಘಟಕ, ಗದಗ
ಕೇರಳ ರಾಜ್ಯ ಲಾಟರಿ ಫಲಿತಾಂಶ ವಿವರ ಪ್ರಕಟ
ತಿರುವನಂತಪುರಂ: ಕೇರಳ ರಾಜ್ಯ ಲಾಟರಿ ಇಲಾಖೆಯ ಕಾರುಣ್ಯ ಪ್ಲಸ್ (ನಂ.KN-618) ಲಾಟರಿಯ ಫಲಿತಾಂಶ ಗುರುವಾರ ಪ್ರಕಟವಾಗಿದ್ದು ಬಹುಮಾನ ವಿಜೇತ ಸಂಖ್ಯೆಗಳ ಪಟ್ಟಿ ಇಂತಿದೆ.
1st Prize Rs.1,00,00,000/- [1 Crore]
PL 561807 (VAIKKOM)
Consolation Prize Rs.5,000/-
PA 561807	PB 561807	PC 561807	PD 561807
PE 561807	PF 561807	PG 561807	PH 561807
PJ 561807	PK 561807	PM 561807
2nd Prize Rs.30,00,000/- [30 Lakhs]
PK 832398 (ERNAKULAM)
3rd Prize Rs.5,00,000/- [5 Lakhs]
PA 125808 (MANANTHAVADY)
FOR THE TICKETS ENDING WITH THE FOLLOWING NUMBERS
4th Prize Rs.5,000/-
0514 0723 0925 2553 2798 2811 3033 3263 3508 3940 4195 4994 6591 6724 8000 8100 8209 9846 9892
5th Prize Rs.2,000/-
0896 3043 3200 4096 7062 7221
6th Prize Rs.1,000/-
0556 0574 0816 1070 1775 2166 2511 2684 3579 3595 3614 3669 4489 4869 5215 5861 6044 7126 7357 7497 8296 8354 8580 9157 9196
7th Prize Rs.500/-
0205 0220 0414 0464 0683 0689 1201 1587 1673 2001 2271 2462 2843 2865 3008 3180 3276 3479 4003 4122 4190 4298 4421 5067 5102 5242 5263 5413 5438 5532 5781 5896 5920 6012 6200 6219 6231 6291 6549 6603 6673 6697 6775 7112 7191 7199 7285 7362 7371 7506 7866 7943 8265 8277 8374 8391 8527 8739 8766 8790 8832 8933 8959 9152 9165 9278 9379 9452 9454 9640 9747 9772 9775 9845 9851 9946
8th Prize Rs.200/-
0028 0091 0214 0301 0427 0571 0690 0777 0850 0889 0924 1110 1128 1218 1494 1730 1735 1980 2049 2162 2203 2227 2300 2333 2381 2561 2680 2866 3042 3574 3592 3676 3943 4051 4091 4123 4185 4211 4285 4591 4704 4777 4778 5533 5574 5745 5790 5814 5924 6235 6357 6569 6576 6596 6654 6659 6719 7180 7395 7560 7603 7785 7808 8076 8225 8346 8548 8712 8877 8894 8908 8940 9040 9116 9204 9235 9471 9556 9571 9695 9797 9899 9927 9928
9th Prize Rs.100/-
0010 0128 0133 0177 0261 0266 0405 0554 0595 0609 0677 0684 0704 0806 0844 0963 1102 1180 1195 1227 1337 1357 1646 1710 1838 1866 1915 1967 2097 2370 2460 2607 2638 3175 3176 3221 3302 3307 3418 3504 3548 3720 3954 4008 4026 4084 4130 4200 4247 4336 4356 4383 4397 4448 4457 4496 4500 4539 4597 4623 4635 4648 4697 4788 4812 4813 4946 4970 4986 5008 5115 5160 5185 5241 5582 5601 5608 5675 5698 5739 5772 5802 5830 5852 5947 6028 6142 6153 6207 6213 6234 6270 6293 6348 6361 6391 6451 6685 6744 6802 7036 7063 7094 7144 7224 7242 7309 7337 7429 7479 7488 7572 7614 7696 7702 7812 7815 7821 7841 8058 8129 8226 8552 8555 8570 8577 8747 8788 8791 8854 8890 8901 8989 8997 9013 9024 9028 9187 9229 9303 9312 9322 9411 9418 9450 9519 9632 9674 9703 9728 9783 9813 9814 9880 9906 9974
